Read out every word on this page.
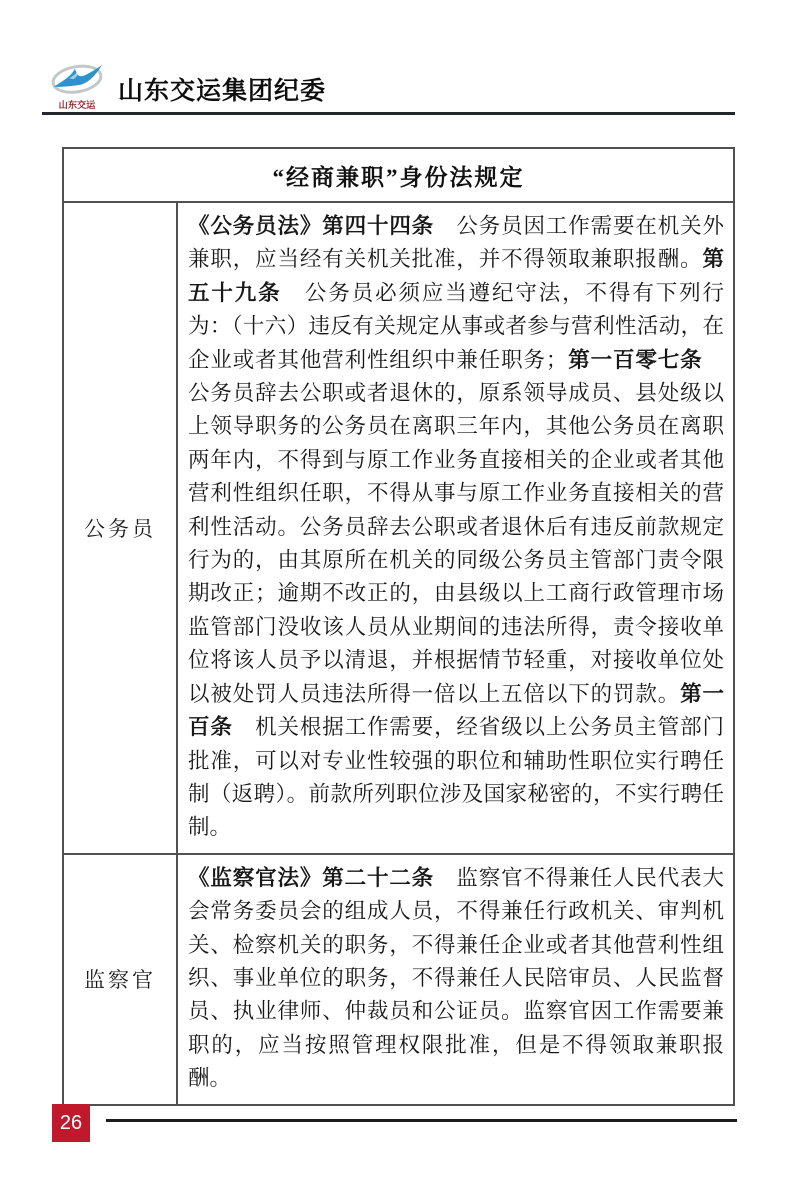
山东交运
山东交运集团纪委
“经商兼职”身份法规定
公务员
《公务员法》第四十四条　公务员因工作需要在机关外兼职，应当经有关机关批准，并不得领取兼职报酬。第五十九条　公务员必须应当遵纪守法，不得有下列行为：（十六）违反有关规定从事或者参与营利性活动，在企业或者其他营利性组织中兼任职务；第一百零七条　公务员辞去公职或者退休的，原系领导成员、县处级以上领导职务的公务员在离职三年内，其他公务员在离职两年内，不得到与原工作业务直接相关的企业或者其他营利性组织任职，不得从事与原工作业务直接相关的营利性活动。公务员辞去公职或者退休后有违反前款规定行为的，由其原所在机关的同级公务员主管部门责令限期改正；逾期不改正的，由县级以上工商行政管理市场监管部门没收该人员从业期间的违法所得，责令接收单位将该人员予以清退，并根据情节轻重，对接收单位处以被处罚人员违法所得一倍以上五倍以下的罚款。第一百条　机关根据工作需要，经省级以上公务员主管部门批准，可以对专业性较强的职位和辅助性职位实行聘任制（返聘）。前款所列职位涉及国家秘密的，不实行聘任制。
监察官
《监察官法》第二十二条　监察官不得兼任人民代表大会常务委员会的组成人员，不得兼任行政机关、审判机关、检察机关的职务，不得兼任企业或者其他营利性组织、事业单位的职务，不得兼任人民陪审员、人民监督员、执业律师、仲裁员和公证员。监察官因工作需要兼职的，应当按照管理权限批准，但是不得领取兼职报酬。
26
